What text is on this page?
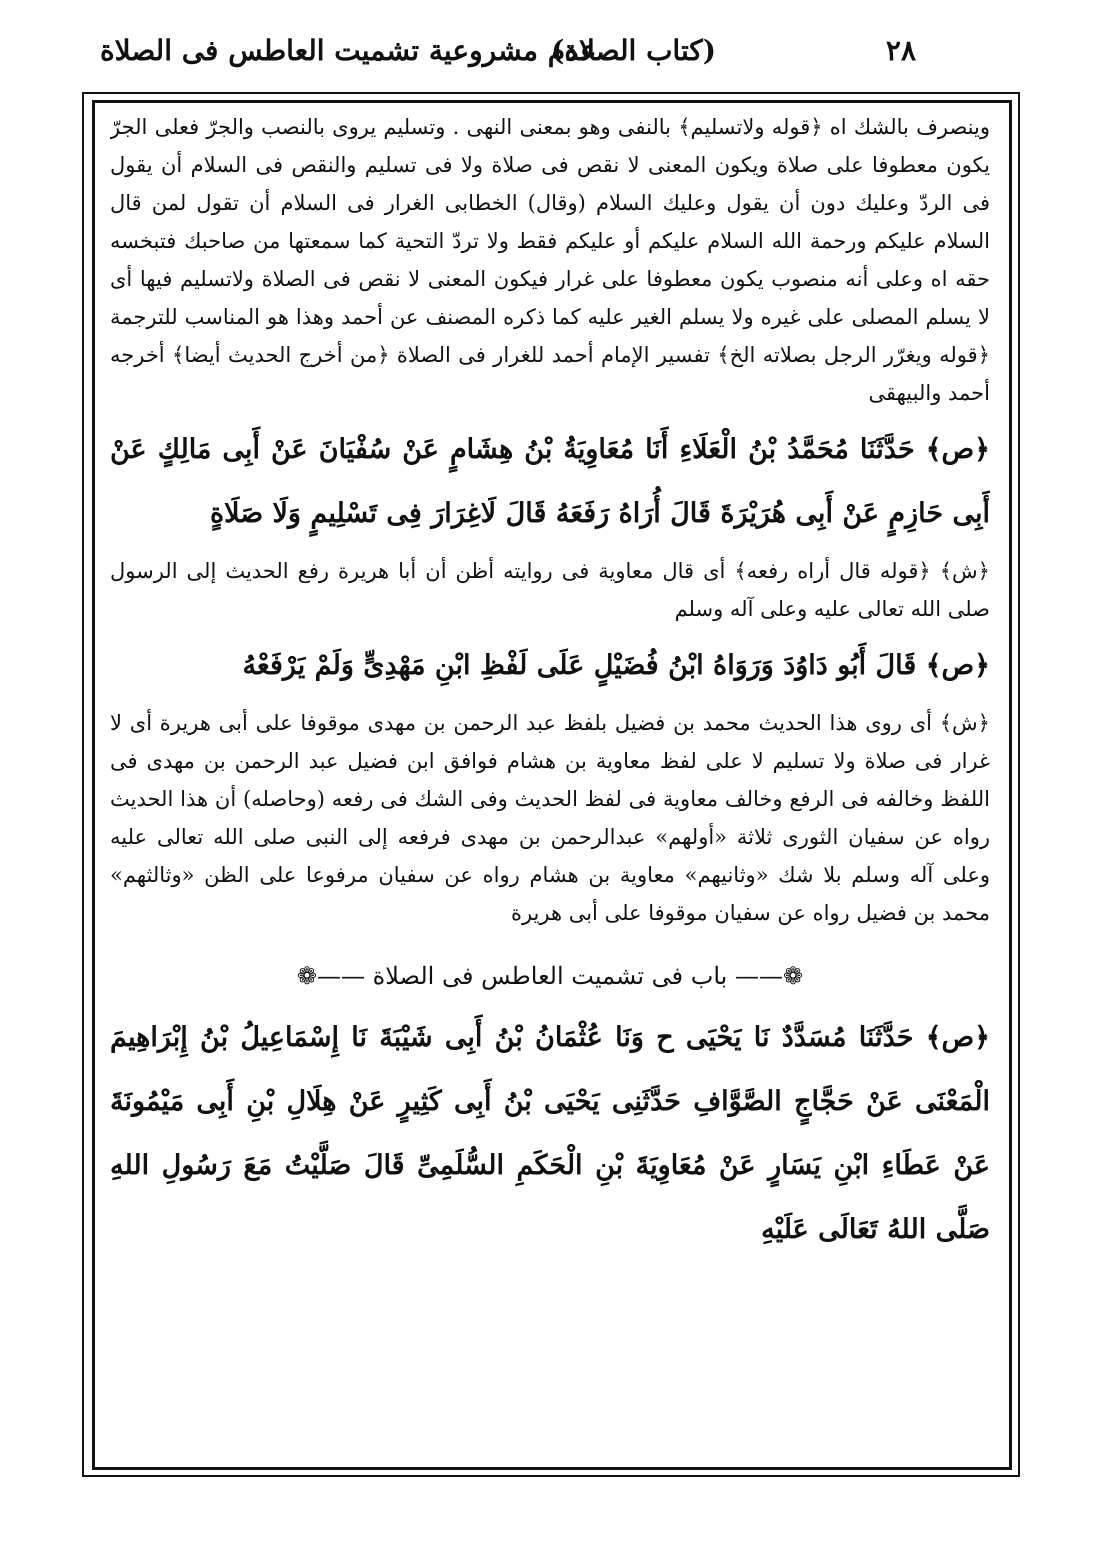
٢٨
(كتاب الصلاة)
عدم مشروعية تشميت العاطس فى الصلاة

وينصرف بالشك اه ﴿قوله ولاتسليم﴾ بالنفى وهو بمعنى النهى . وتسليم يروى بالنصب والجرّ فعلى الجرّ يكون معطوفا على صلاة ويكون المعنى لا نقص فى صلاة ولا فى تسليم والنقص فى السلام أن يقول فى الردّ وعليك دون أن يقول وعليك السلام (وقال) الخطابى الغرار فى السلام أن تقول لمن قال السلام عليكم ورحمة الله السلام عليكم أو عليكم فقط ولا تردّ التحية كما سمعتها من صاحبك فتبخسه حقه اه وعلى أنه منصوب يكون معطوفا على غرار فيكون المعنى لا نقص فى الصلاة ولاتسليم فيها أى لا يسلم المصلى على غيره ولا يسلم الغير عليه كما ذكره المصنف عن أحمد وهذا هو المناسب للترجمة ﴿قوله ويغرّر الرجل بصلاته الخ﴾ تفسير الإمام أحمد للغرار فى الصلاة ﴿من أخرج الحديث أيضا﴾ أخرجه أحمد والبيهقى

﴿ص﴾ حَدَّثَنَا مُحَمَّدُ بْنُ الْعَلَاءِ أَنَا مُعَاوِيَةُ بْنُ هِشَامٍ عَنْ سُفْيَانَ عَنْ أَبِى مَالِكٍ عَنْ أَبِى حَازِمٍ عَنْ أَبِى هُرَيْرَةَ قَالَ أُرَاهُ رَفَعَهُ قَالَ لَاغِرَارَ فِى تَسْلِيمٍ وَلَا صَلَاةٍ

﴿ش﴾ ﴿قوله قال أراه رفعه﴾ أى قال معاوية فى روايته أظن أن أبا هريرة رفع الحديث إلى الرسول صلى الله تعالى عليه وعلى آله وسلم

﴿ص﴾ قَالَ أَبُو دَاوُدَ وَرَوَاهُ ابْنُ فُضَيْلٍ عَلَى لَفْظِ ابْنِ مَهْدِىٍّ وَلَمْ يَرْفَعْهُ

﴿ش﴾ أى روى هذا الحديث محمد بن فضيل بلفظ عبد الرحمن بن مهدى موقوفا على أبى هريرة أى لا غرار فى صلاة ولا تسليم لا على لفظ معاوية بن هشام فوافق ابن فضيل عبد الرحمن بن مهدى فى اللفظ وخالفه فى الرفع وخالف معاوية فى لفظ الحديث وفى الشك فى رفعه (وحاصله) أن هذا الحديث رواه عن سفيان الثورى ثلاثة «أولهم» عبدالرحمن بن مهدى فرفعه إلى النبى صلى الله تعالى عليه وعلى آله وسلم بلا شك «وثانيهم» معاوية بن هشام رواه عن سفيان مرفوعا على الظن «وثالثهم» محمد بن فضيل رواه عن سفيان موقوفا على أبى هريرة

❁—— باب فى تشميت العاطس فى الصلاة ——❁

﴿ص﴾ حَدَّثَنَا مُسَدَّدٌ نَا يَحْيَى ح وَنَا عُثْمَانُ بْنُ أَبِى شَيْبَةَ نَا إِسْمَاعِيلُ بْنُ إِبْرَاهِيمَ الْمَعْنَى عَنْ حَجَّاجٍ الصَّوَّافِ حَدَّثَنِى يَحْيَى بْنُ أَبِى كَثِيرٍ عَنْ هِلَالِ بْنِ أَبِى مَيْمُونَةَ عَنْ عَطَاءِ ابْنِ يَسَارٍ عَنْ مُعَاوِيَةَ بْنِ الْحَكَمِ السُّلَمِىِّ قَالَ صَلَّيْتُ مَعَ رَسُولِ اللهِ صَلَّى اللهُ تَعَالَى عَلَيْهِ
